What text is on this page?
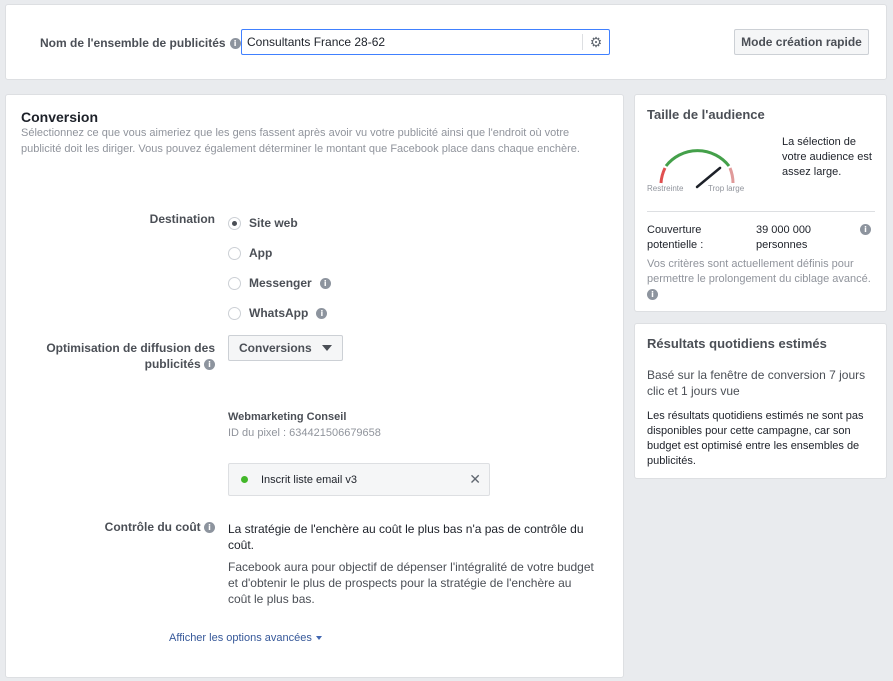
Nom de l'ensemble de publicités	i
Consultants France 28-62	⚙	Mode création rapide
Conversion
Sélectionnez ce que vous aimeriez que les gens fassent après avoir vu votre publicité ainsi que l'endroit où votre publicité doit les diriger. Vous pouvez également déterminer le montant que Facebook place dans chaque enchère.
Destination	Site web
App
Messenger	i
WhatsApp	i
Optimisation de diffusion des publicités i
Conversions
Webmarketing Conseil
ID du pixel : 634421506679658
Inscrit liste email v3	✕
Contrôle du coût i	La stratégie de l'enchère au coût le plus bas n'a pas de contrôle du coût.
Facebook aura pour objectif de dépenser l'intégralité de votre budget et d'obtenir le plus de prospects pour la stratégie de l'enchère au coût le plus bas.
Afficher les options avancées
Taille de l'audience
Restreinte	Trop large
La sélection de votre audience est assez large.
Couverture potentielle :
39 000 000 personnes
i
Vos critères sont actuellement définis pour permettre le prolongement du ciblage avancé. i
Résultats quotidiens estimés
Basé sur la fenêtre de conversion 7 jours clic et 1 jours vue
Les résultats quotidiens estimés ne sont pas disponibles pour cette campagne, car son budget est optimisé entre les ensembles de publicités.
